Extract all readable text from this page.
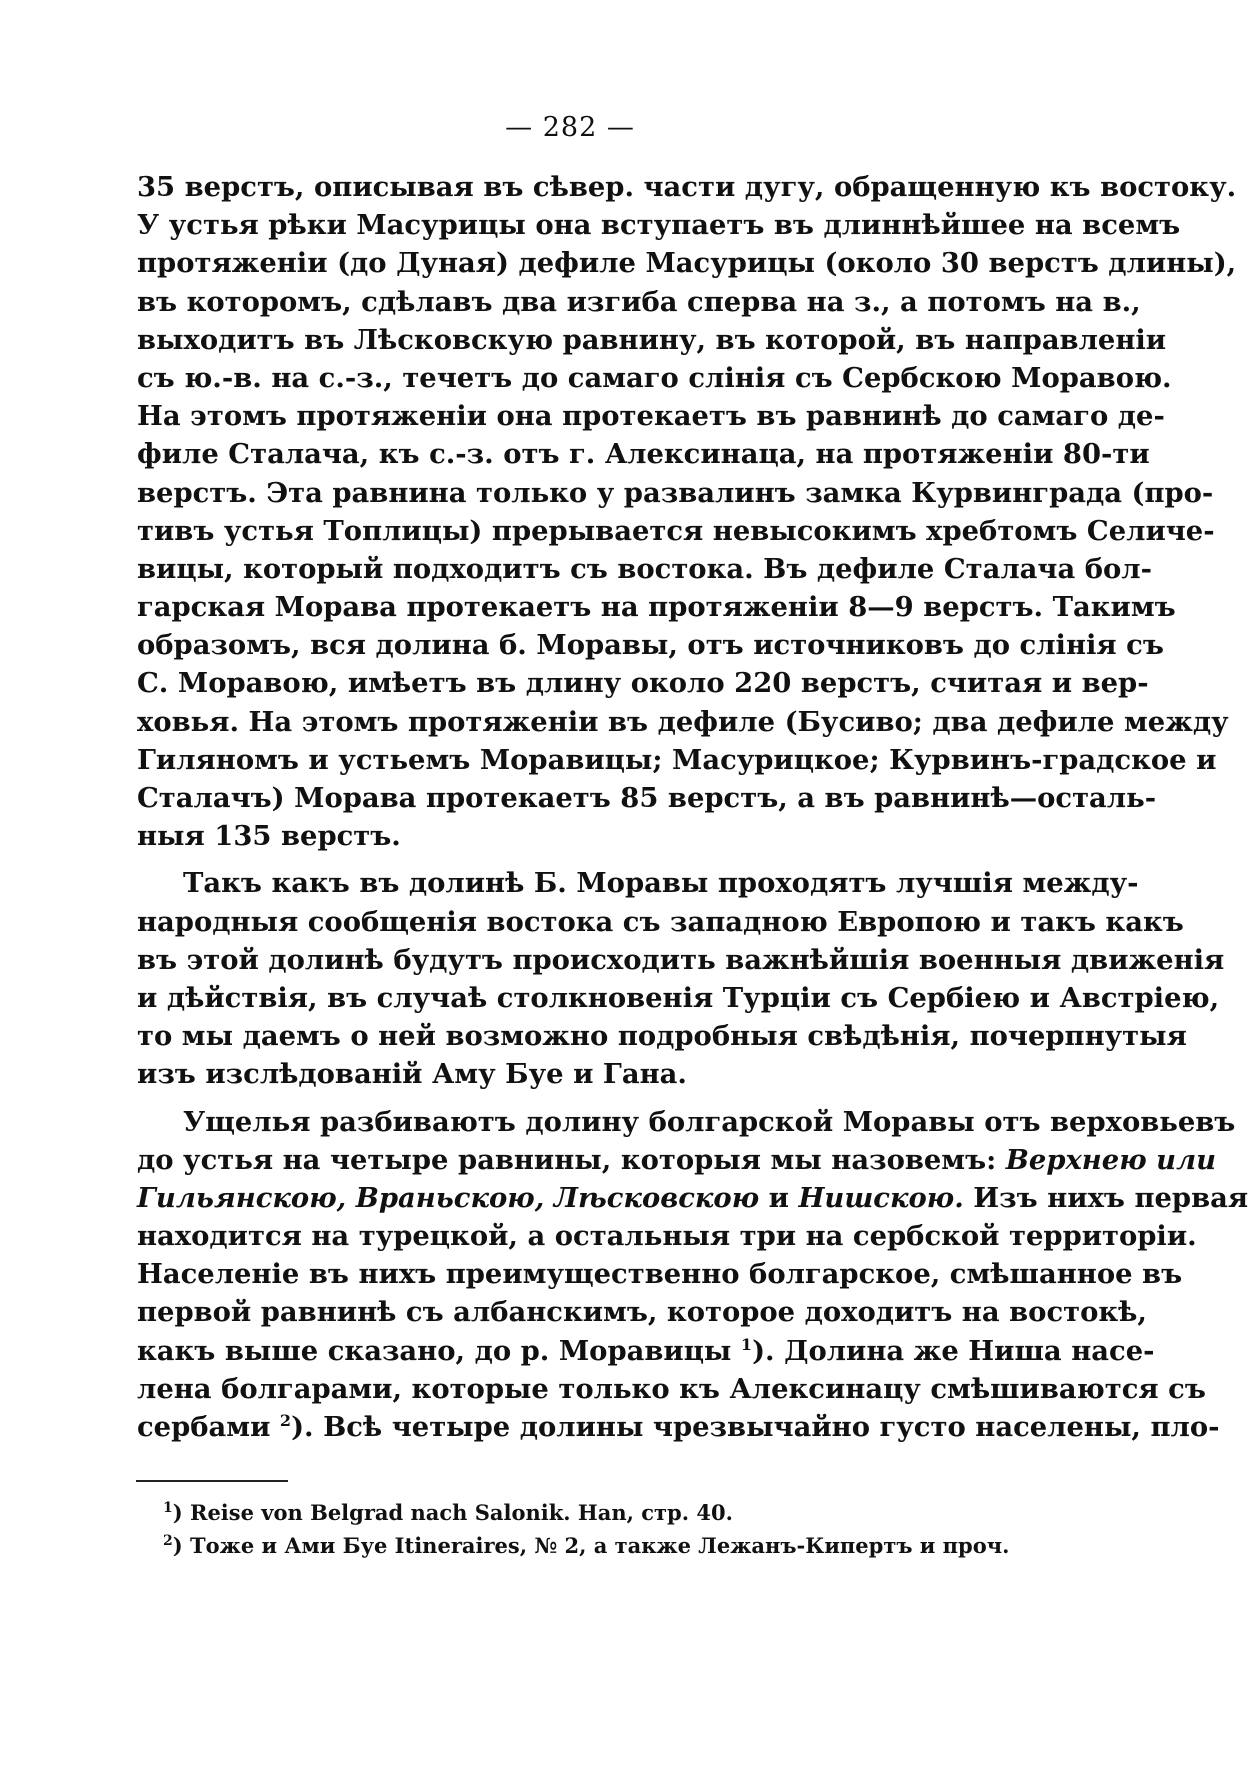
— 282 —
35 верстъ, описывая въ сѣвер. части дугу, обращенную къ востоку.
У устья рѣки Масурицы она вступаетъ въ длиннѣйшее на всемъ
протяженіи (до Дуная) дефиле Масурицы (около 30 верстъ длины),
въ которомъ, сдѣлавъ два изгиба сперва на з., а потомъ на в.,
выходитъ въ Лѣсковскую равнину, въ которой, въ направленіи
съ ю.-в. на с.-з., течетъ до самаго слінія съ Сербскою Моравою.
На этомъ протяженіи она протекаетъ въ равнинѣ до самаго де-
филе Сталача, къ с.-з. отъ г. Алексинаца, на протяженіи 80-ти
верстъ. Эта равнина только у развалинъ замка Курвинграда (про-
тивъ устья Топлицы) прерывается невысокимъ хребтомъ Селиче-
вицы, который подходитъ съ востока. Въ дефиле Сталача бол-
гарская Морава протекаетъ на протяженіи 8—9 верстъ. Такимъ
образомъ, вся долина б. Моравы, отъ источниковъ до слінія съ
С. Моравою, имѣетъ въ длину около 220 верстъ, считая и вер-
ховья. На этомъ протяженіи въ дефиле (Бусиво; два дефиле между
Гиляномъ и устьемъ Моравицы; Масурицкое; Курвинъ-градское и
Сталачъ) Морава протекаетъ 85 верстъ, а въ равнинѣ—осталь-
ныя 135 верстъ.
Такъ какъ въ долинѣ Б. Моравы проходятъ лучшія между-
народныя сообщенія востока съ западною Европою и такъ какъ
въ этой долинѣ будутъ происходить важнѣйшія военныя движенія
и дѣйствія, въ случаѣ столкновенія Турціи съ Сербіею и Австріею,
то мы даемъ о ней возможно подробныя свѣдѣнія, почерпнутыя
изъ изслѣдованій Аму Буе и Гана.
Ущелья разбиваютъ долину болгарской Моравы отъ верховьевъ
до устья на четыре равнины, которыя мы назовемъ: Верхнею или
Гильянскою, Враньскою, Лѣсковскою и Нишскою. Изъ нихъ первая
находится на турецкой, а остальныя три на сербской территоріи.
Населеніе въ нихъ преимущественно болгарское, смѣшанное въ
первой равнинѣ съ албанскимъ, которое доходитъ на востокѣ,
какъ выше сказано, до р. Моравицы $^1$). Долина же Ниша насе-
лена болгарами, которые только къ Алексинацу смѣшиваются съ
сербами $^2$). Всѣ четыре долины чрезвычайно густо населены, пло-
$^1$) Reise von Belgrad nach Salonik. Han, стр. 40.
$^2$) Тоже и Ами Буе Itineraires, № 2, а также Лежанъ-Кипертъ и проч.
